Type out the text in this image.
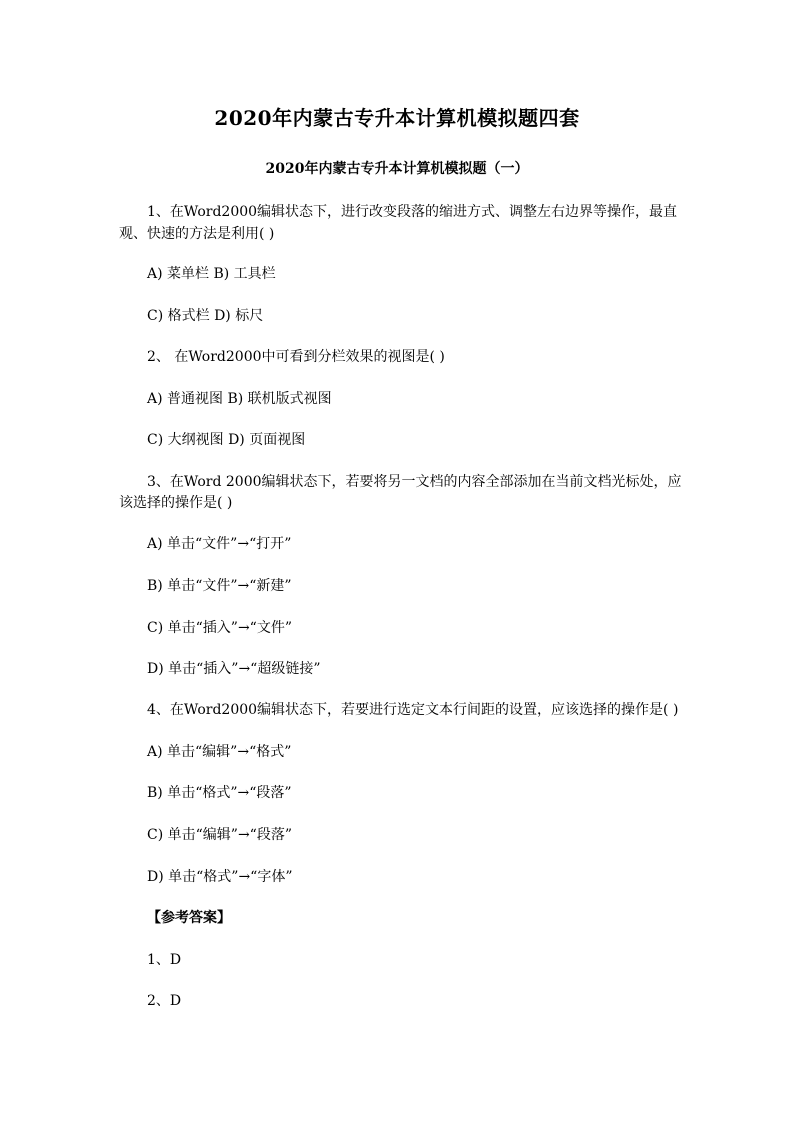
2020年内蒙古专升本计算机模拟题四套
2020年内蒙古专升本计算机模拟题（一）
1、在Word2000编辑状态下，进行改变段落的缩进方式、调整左右边界等操作，最直
观、快速的方法是利用( )
A) 菜单栏 B) 工具栏
C) 格式栏 D) 标尺
2、 在Word2000中可看到分栏效果的视图是( )
A) 普通视图 B) 联机版式视图
C) 大纲视图 D) 页面视图
3、在Word 2000编辑状态下，若要将另一文档的内容全部添加在当前文档光标处，应
该选择的操作是( )
A) 单击“文件”→“打开”
B) 单击“文件”→“新建”
C) 单击“插入”→“文件”
D) 单击“插入”→“超级链接”
4、在Word2000编辑状态下，若要进行选定文本行间距的设置，应该选择的操作是( )
A) 单击“编辑”→“格式”
B) 单击“格式”→“段落”
C) 单击“编辑”→“段落”
D) 单击“格式”→“字体”
【参考答案】
1、D
2、D
